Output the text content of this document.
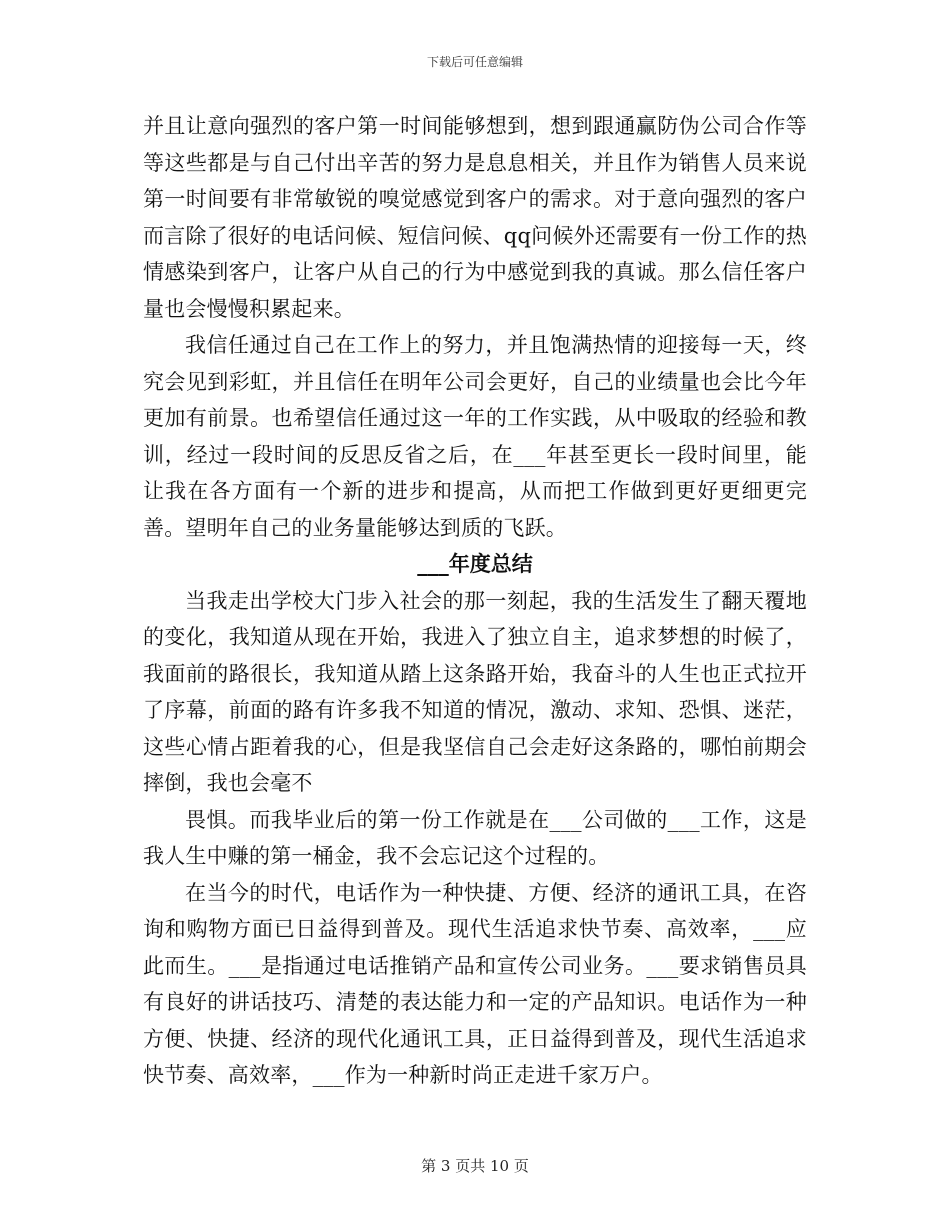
下载后可任意编辑

并且让意向强烈的客户第一时间能够想到，想到跟通赢防伪公司合作等等这些都是与自己付出辛苦的努力是息息相关，并且作为销售人员来说第一时间要有非常敏锐的嗅觉感觉到客户的需求。对于意向强烈的客户而言除了很好的电话问候、短信问候、qq问候外还需要有一份工作的热情感染到客户，让客户从自己的行为中感觉到我的真诚。那么信任客户量也会慢慢积累起来。

我信任通过自己在工作上的努力，并且饱满热情的迎接每一天，终究会见到彩虹，并且信任在明年公司会更好，自己的业绩量也会比今年更加有前景。也希望信任通过这一年的工作实践，从中吸取的经验和教训，经过一段时间的反思反省之后，在___年甚至更长一段时间里，能让我在各方面有一个新的进步和提高，从而把工作做到更好更细更完善。望明年自己的业务量能够达到质的飞跃。

___年度总结

当我走出学校大门步入社会的那一刻起，我的生活发生了翻天覆地的变化，我知道从现在开始，我进入了独立自主，追求梦想的时候了，我面前的路很长，我知道从踏上这条路开始，我奋斗的人生也正式拉开了序幕，前面的路有许多我不知道的情况，激动、求知、恐惧、迷茫，这些心情占距着我的心，但是我坚信自己会走好这条路的，哪怕前期会摔倒，我也会毫不

畏惧。而我毕业后的第一份工作就是在___公司做的___工作，这是我人生中赚的第一桶金，我不会忘记这个过程的。

在当今的时代，电话作为一种快捷、方便、经济的通讯工具，在咨询和购物方面已日益得到普及。现代生活追求快节奏、高效率，___应此而生。___是指通过电话推销产品和宣传公司业务。___要求销售员具有良好的讲话技巧、清楚的表达能力和一定的产品知识。电话作为一种方便、快捷、经济的现代化通讯工具，正日益得到普及，现代生活追求快节奏、高效率，___作为一种新时尚正走进千家万户。

第 3 页共 10 页
